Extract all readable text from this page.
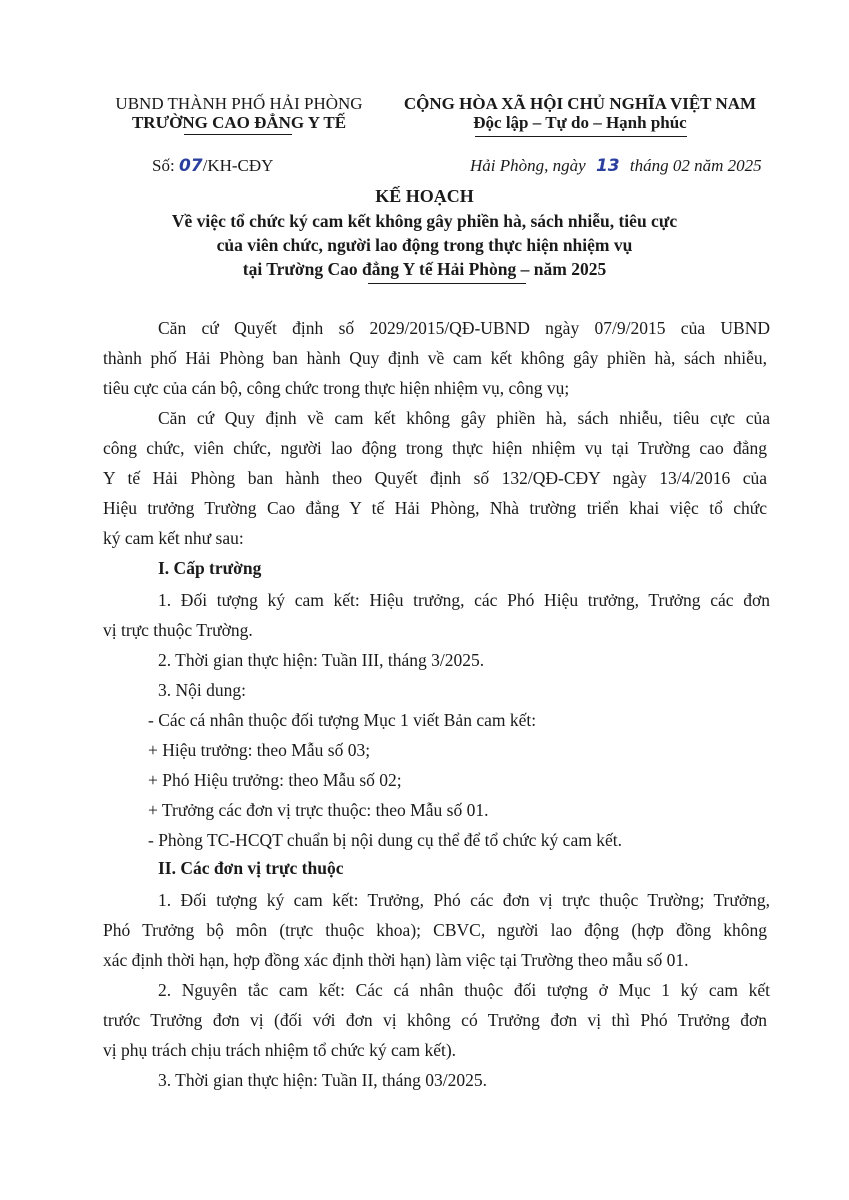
UBND THÀNH PHỐ HẢI PHÒNG
TRƯỜNG CAO ĐẲNG Y TẾ
CỘNG HÒA XÃ HỘI CHỦ NGHĨA VIỆT NAM
Độc lập – Tự do – Hạnh phúc
Số: 07/KH-CĐY	Hải Phòng, ngày 13 tháng 02 năm 2025
KẾ HOẠCH
Về việc tổ chức ký cam kết không gây phiền hà, sách nhiễu, tiêu cực
của viên chức, người lao động trong thực hiện nhiệm vụ
tại Trường Cao đẳng Y tế Hải Phòng – năm 2025
Căn cứ Quyết định số 2029/2015/QĐ-UBND ngày 07/9/2015 của UBND
thành phố Hải Phòng ban hành Quy định về cam kết không gây phiền hà, sách nhiễu,
tiêu cực của cán bộ, công chức trong thực hiện nhiệm vụ, công vụ;
Căn cứ Quy định về cam kết không gây phiền hà, sách nhiễu, tiêu cực của
công chức, viên chức, người lao động trong thực hiện nhiệm vụ tại Trường cao đẳng
Y tế Hải Phòng ban hành theo Quyết định số 132/QĐ-CĐY ngày 13/4/2016 của
Hiệu trưởng Trường Cao đẳng Y tế Hải Phòng, Nhà trường triển khai việc tổ chức
ký cam kết như sau:
I. Cấp trường
1. Đối tượng ký cam kết: Hiệu trưởng, các Phó Hiệu trưởng, Trưởng các đơn
vị trực thuộc Trường.
2. Thời gian thực hiện: Tuần III, tháng 3/2025.
3. Nội dung:
- Các cá nhân thuộc đối tượng Mục 1 viết Bản cam kết:
+ Hiệu trưởng: theo Mẫu số 03;
+ Phó Hiệu trưởng: theo Mẫu số 02;
+ Trưởng các đơn vị trực thuộc: theo Mẫu số 01.
- Phòng TC-HCQT chuẩn bị nội dung cụ thể để tổ chức ký cam kết.
II. Các đơn vị trực thuộc
1. Đối tượng ký cam kết: Trưởng, Phó các đơn vị trực thuộc Trường; Trưởng,
Phó Trưởng bộ môn (trực thuộc khoa); CBVC, người lao động (hợp đồng không
xác định thời hạn, hợp đồng xác định thời hạn) làm việc tại Trường theo mẫu số 01.
2. Nguyên tắc cam kết: Các cá nhân thuộc đối tượng ở Mục 1 ký cam kết
trước Trưởng đơn vị (đối với đơn vị không có Trưởng đơn vị thì Phó Trưởng đơn
vị phụ trách chịu trách nhiệm tổ chức ký cam kết).
3. Thời gian thực hiện: Tuần II, tháng 03/2025.
